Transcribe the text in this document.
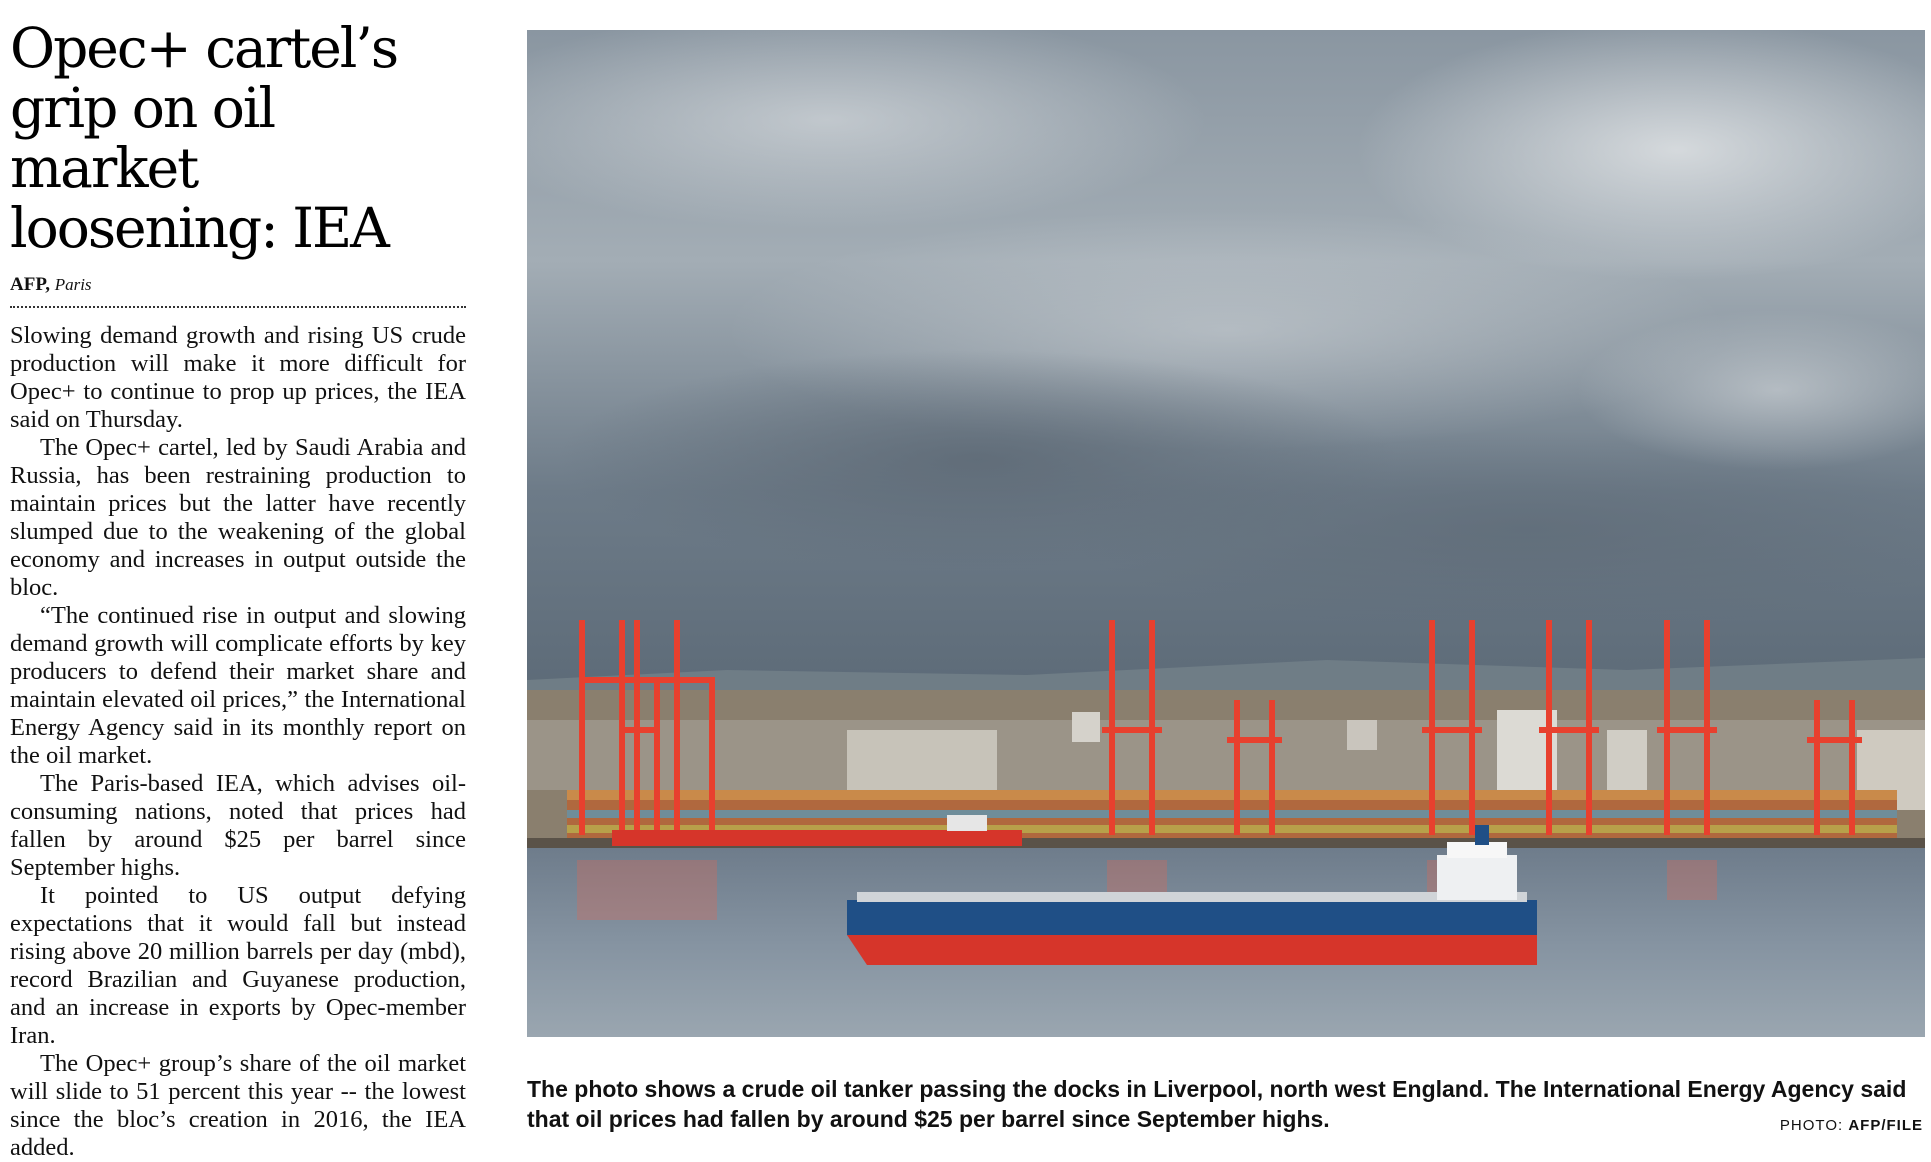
Opec+ cartel’s
grip on oil market
loosening: IEA
AFP, Paris

Slowing demand growth and rising US crude production will make it more difficult for Opec+ to continue to prop up prices, the IEA said on Thursday.

The Opec+ cartel, led by Saudi Arabia and Russia, has been restraining production to maintain prices but the latter have recently slumped due to the weakening of the global economy and increases in output outside the bloc.

“The continued rise in output and slowing demand growth will complicate efforts by key producers to defend their market share and maintain elevated oil prices,” the International Energy Agency said in its monthly report on the oil market.

The Paris-based IEA, which advises oil-consuming nations, noted that prices had fallen by around $25 per barrel since September highs.

It pointed to US output defying expectations that it would fall but instead rising above 20 million barrels per day (mbd), record Brazilian and Guyanese production, and an increase in exports by Opec-member Iran.

The Opec+ group’s share of the oil market will slide to 51 percent this year -- the lowest since the bloc’s creation in 2016, the IEA added.

The photo shows a crude oil tanker passing the docks in Liverpool, north west England. The International Energy Agency said that oil prices had fallen by around $25 per barrel since September highs.	PHOTO: AFP/FILE
